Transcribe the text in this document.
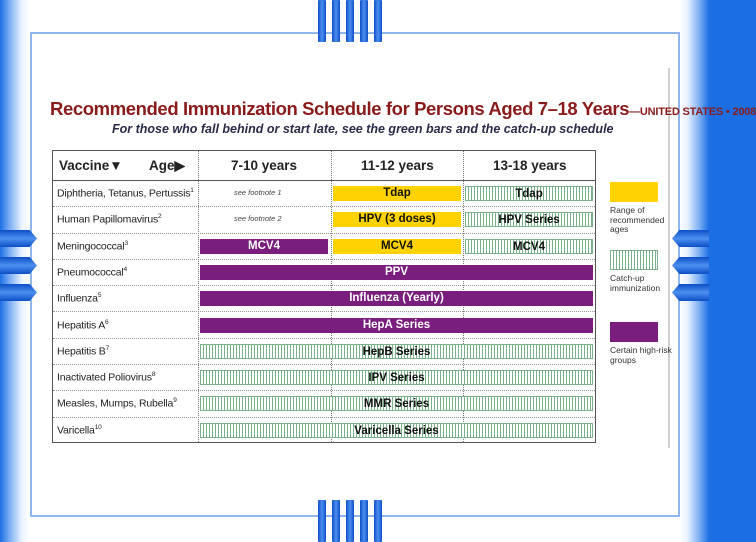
Recommended Immunization Schedule for Persons Aged 7–18 Years—UNITED STATES • 2008
For those who fall behind or start late, see the green bars and the catch-up schedule
Vaccine▼ Age▶	7-10 years	11-12 years	13-18 years
Diphtheria, Tetanus, Pertussis$^1$	see footnote 1	Tdap	Tdap
Human Papillomavirus$^2$	see footnote 2	HPV (3 doses)	HPV Series
Meningococcal$^3$	MCV4	MCV4	MCV4
Pneumococcal$^4$	PPV
Influenza$^5$	Influenza (Yearly)
Hepatitis $A^6$	HepA Series
Hepatitis $B^7$	HepB Series
Inactivated Poliovirus$^8$	IPV Series
Measles, Mumps, Rubella$^9$	MMR Series
Varicella$^{10}$	Varicella Series
Range of recommended ages
Catch-up immunization
Certain high-risk groups
